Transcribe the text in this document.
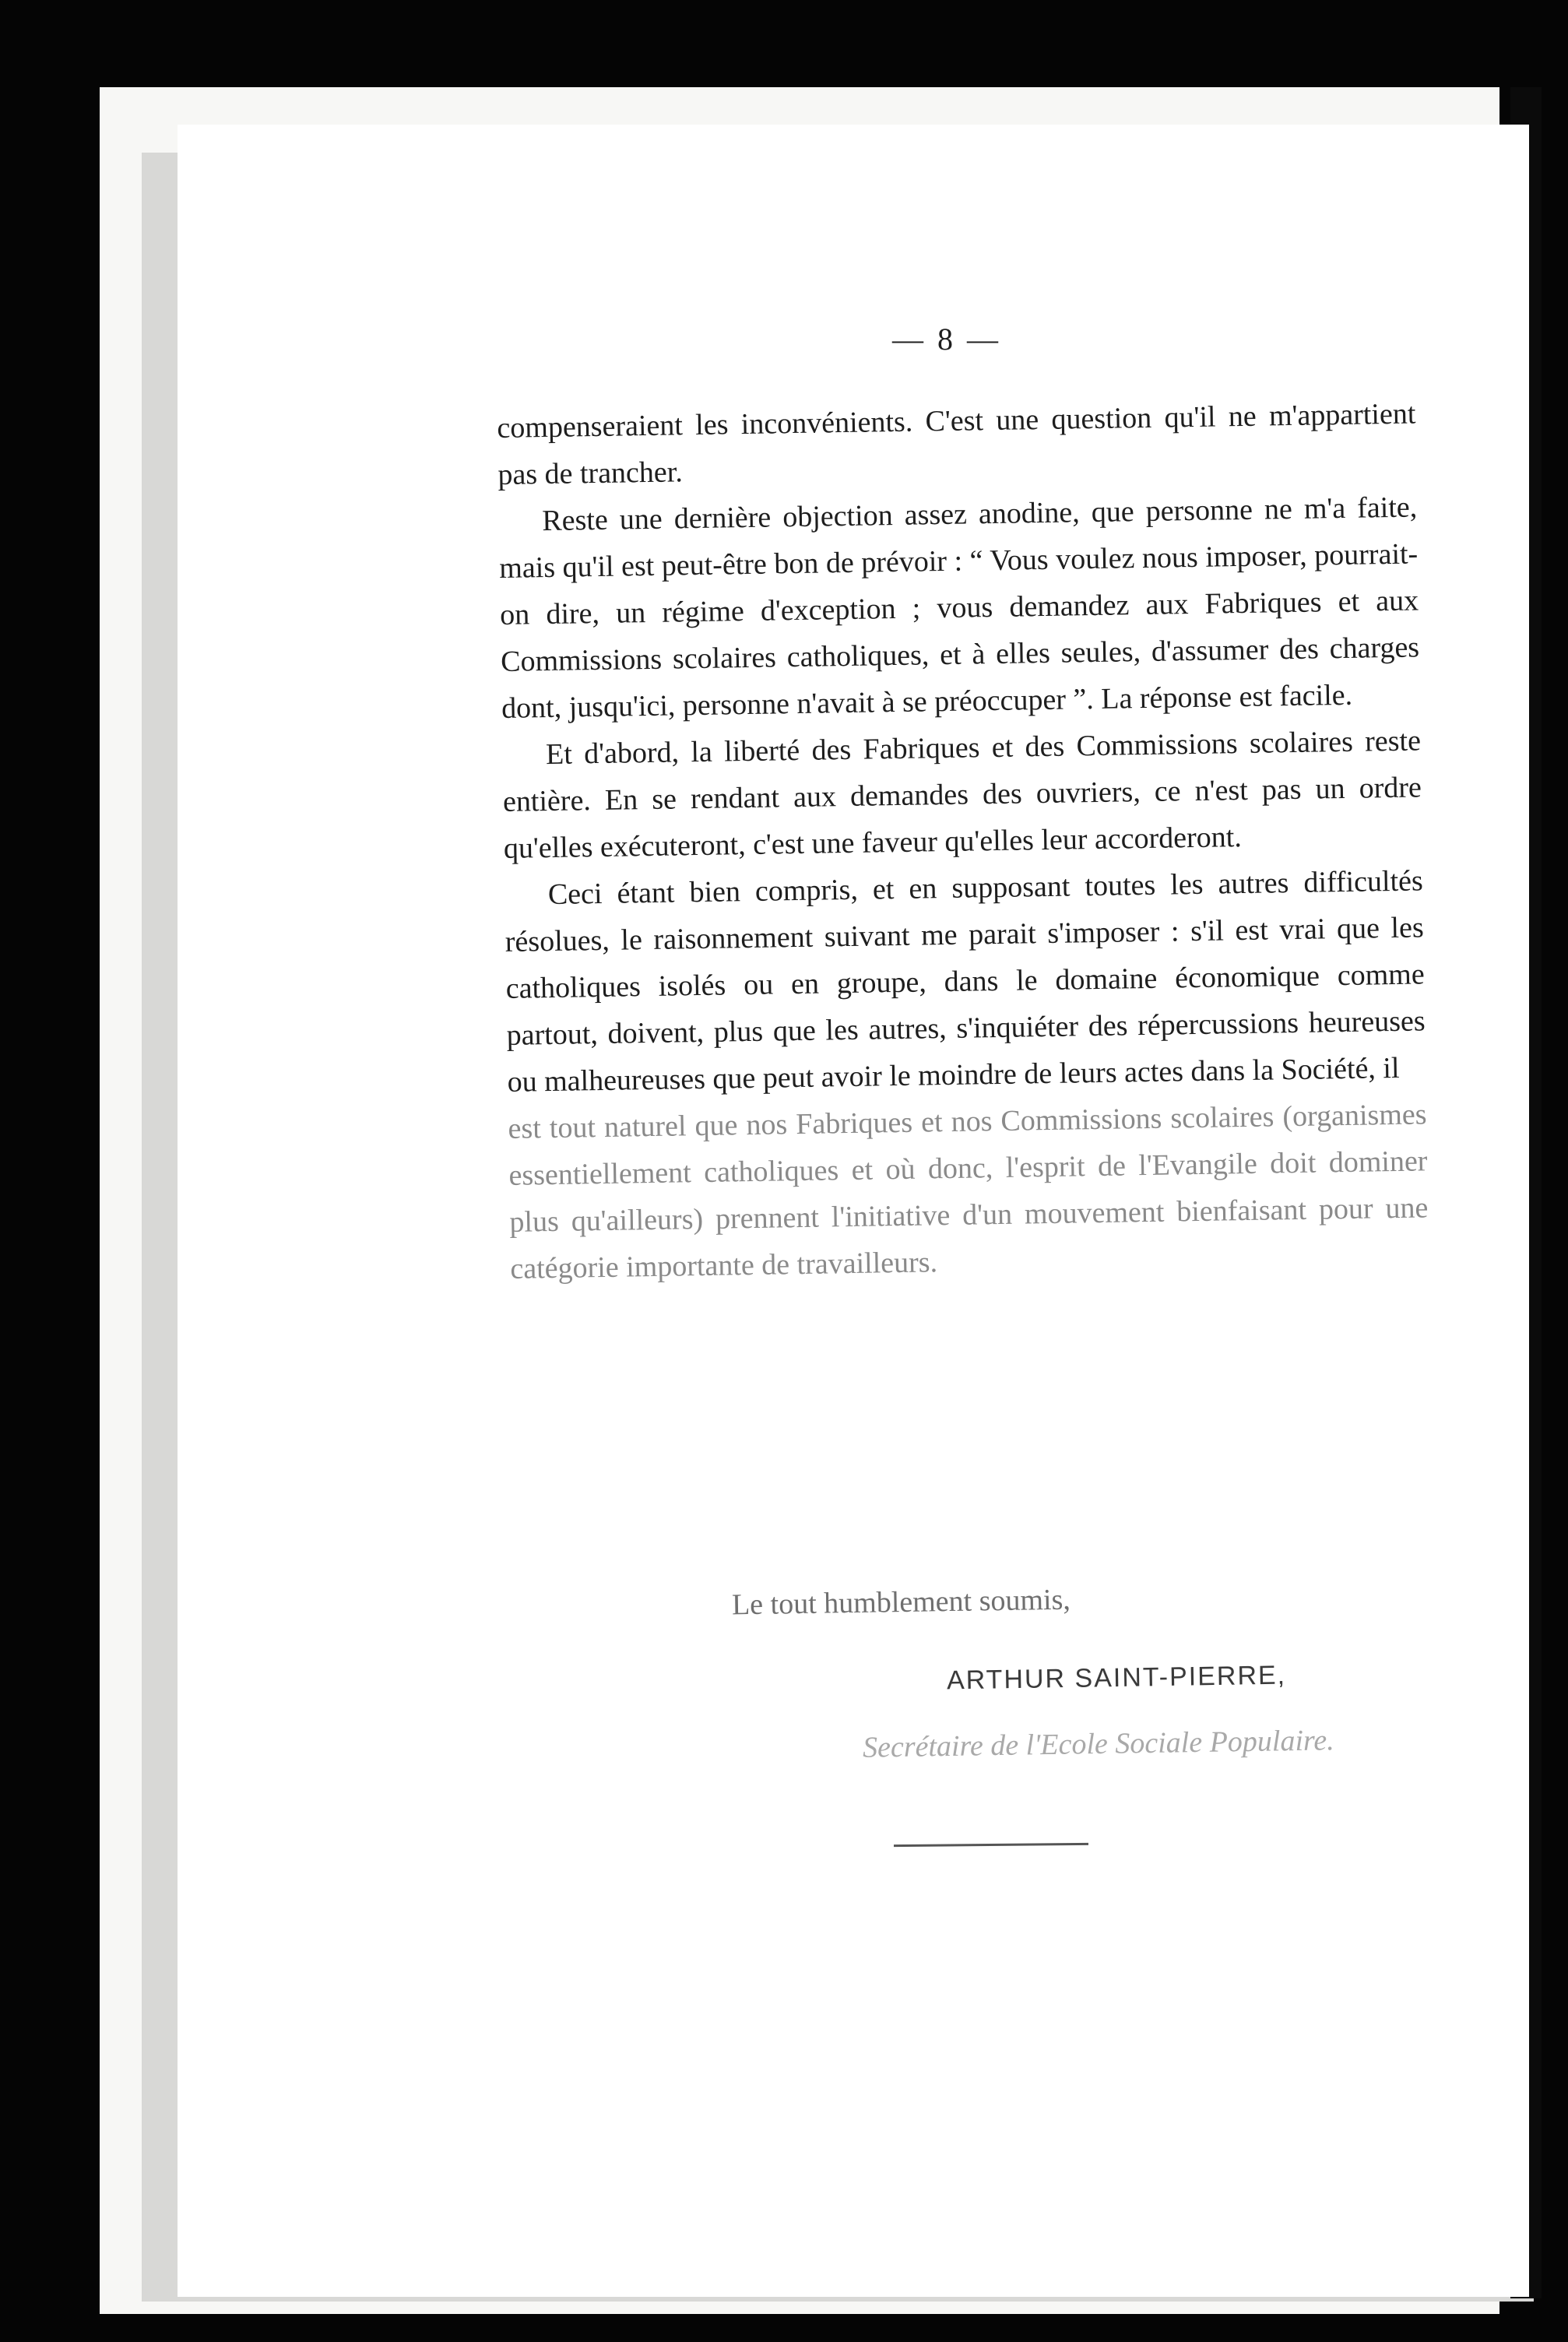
— 8 —

compenseraient les inconvénients. C'est une question qu'il ne m'appartient pas de trancher.

Reste une dernière objection assez anodine, que personne ne m'a faite, mais qu'il est peut-être bon de prévoir : “ Vous voulez nous imposer, pourrait-on dire, un régime d'exception ; vous demandez aux Fabriques et aux Commissions scolaires catholiques, et à elles seules, d'assumer des charges dont, jusqu'ici, personne n'avait à se préoccuper ”. La réponse est facile.

Et d'abord, la liberté des Fabriques et des Commissions scolaires reste entière. En se rendant aux demandes des ouvriers, ce n'est pas un ordre qu'elles exécuteront, c'est une faveur qu'elles leur accorderont.

Ceci étant bien compris, et en supposant toutes les autres difficultés résolues, le raisonnement suivant me parait s'imposer : s'il est vrai que les catholiques isolés ou en groupe, dans le domaine économique comme partout, doivent, plus que les autres, s'inquiéter des répercussions heureuses ou malheureuses que peut avoir le moindre de leurs actes dans la Société, il

est tout naturel que nos Fabriques et nos Commissions scolaires (organismes essentiellement catholiques et où donc, l'esprit de l'Evangile doit dominer plus qu'ailleurs) prennent l'initiative d'un mouvement bienfaisant pour une catégorie importante de travailleurs.

Le tout humblement soumis,
ARTHUR SAINT-PIERRE,
Secrétaire de l'Ecole Sociale Populaire.
